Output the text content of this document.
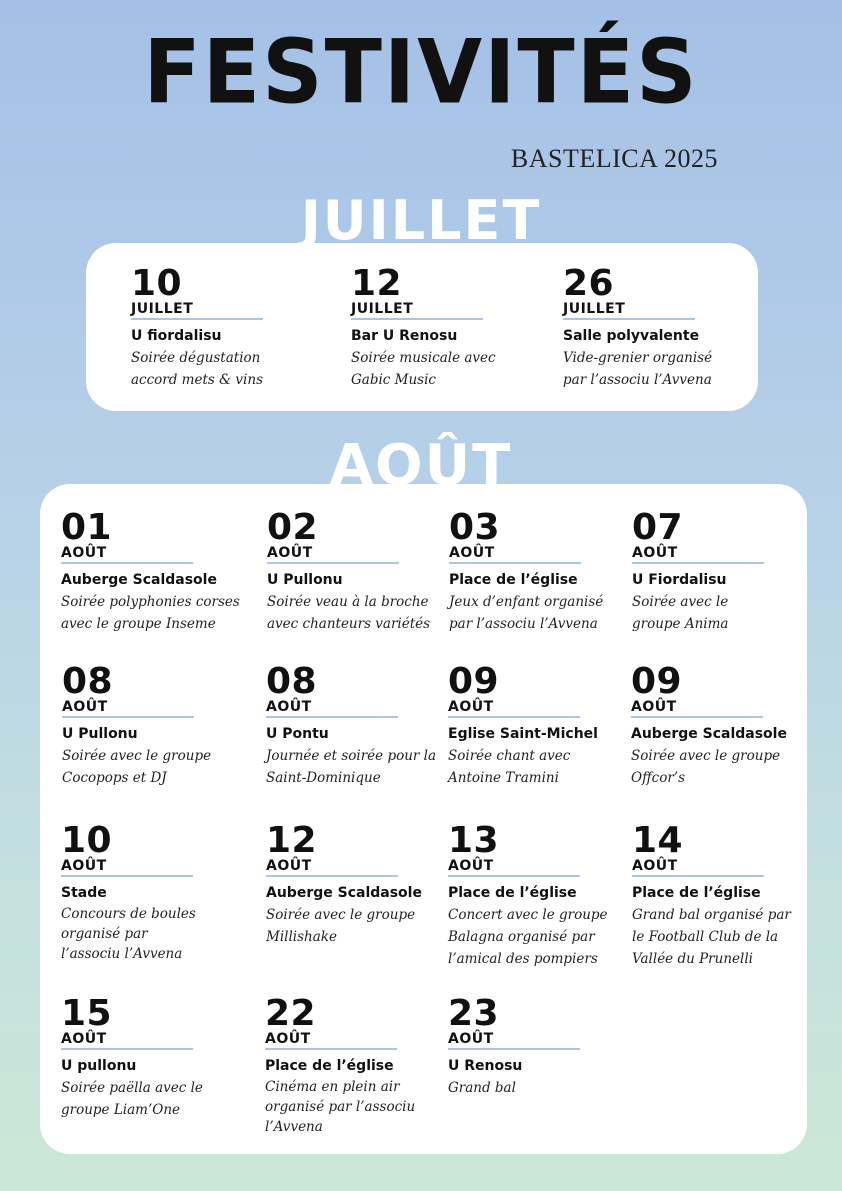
FESTIVITÉS
BASTELICA 2025
JUILLET
10
JUILLET
U fiordalisu
Soirée dégustation accord mets & vins
12
JUILLET
Bar U Renosu
Soirée musicale avec Gabic Music
26
JUILLET
Salle polyvalente
Vide-grenier organisé par l’associu l’Avvena
AOÛT
01
AOÛT
Auberge Scaldasole
Soirée polyphonies corses avec le groupe Inseme
02
AOÛT
U Pullonu
Soirée veau à la broche avec chanteurs variétés
03
AOÛT
Place de l’église
Jeux d’enfant organisé par l’associu l’Avvena
07
AOÛT
U Fiordalisu
Soirée avec le groupe Anima
08
AOÛT
U Pullonu
Soirée avec le groupe Cocopops et DJ
08
AOÛT
U Pontu
Journée et soirée pour la Saint-Dominique
09
AOÛT
Eglise Saint-Michel
Soirée chant avec Antoine Tramini
09
AOÛT
Auberge Scaldasole
Soirée avec le groupe Offcor’s
10
AOÛT
Stade
Concours de boules organisé par l’associu l’Avvena
12
AOÛT
Auberge Scaldasole
Soirée avec le groupe Millishake
13
AOÛT
Place de l’église
Concert avec le groupe Balagna organisé par l’amical des pompiers
14
AOÛT
Place de l’église
Grand bal organisé par le Football Club de la Vallée du Prunelli
15
AOÛT
U pullonu
Soirée paëlla avec le groupe Liam’One
22
AOÛT
Place de l’église
Cinéma en plein air organisé par l’associu l’Avvena
23
AOÛT
U Renosu
Grand bal
